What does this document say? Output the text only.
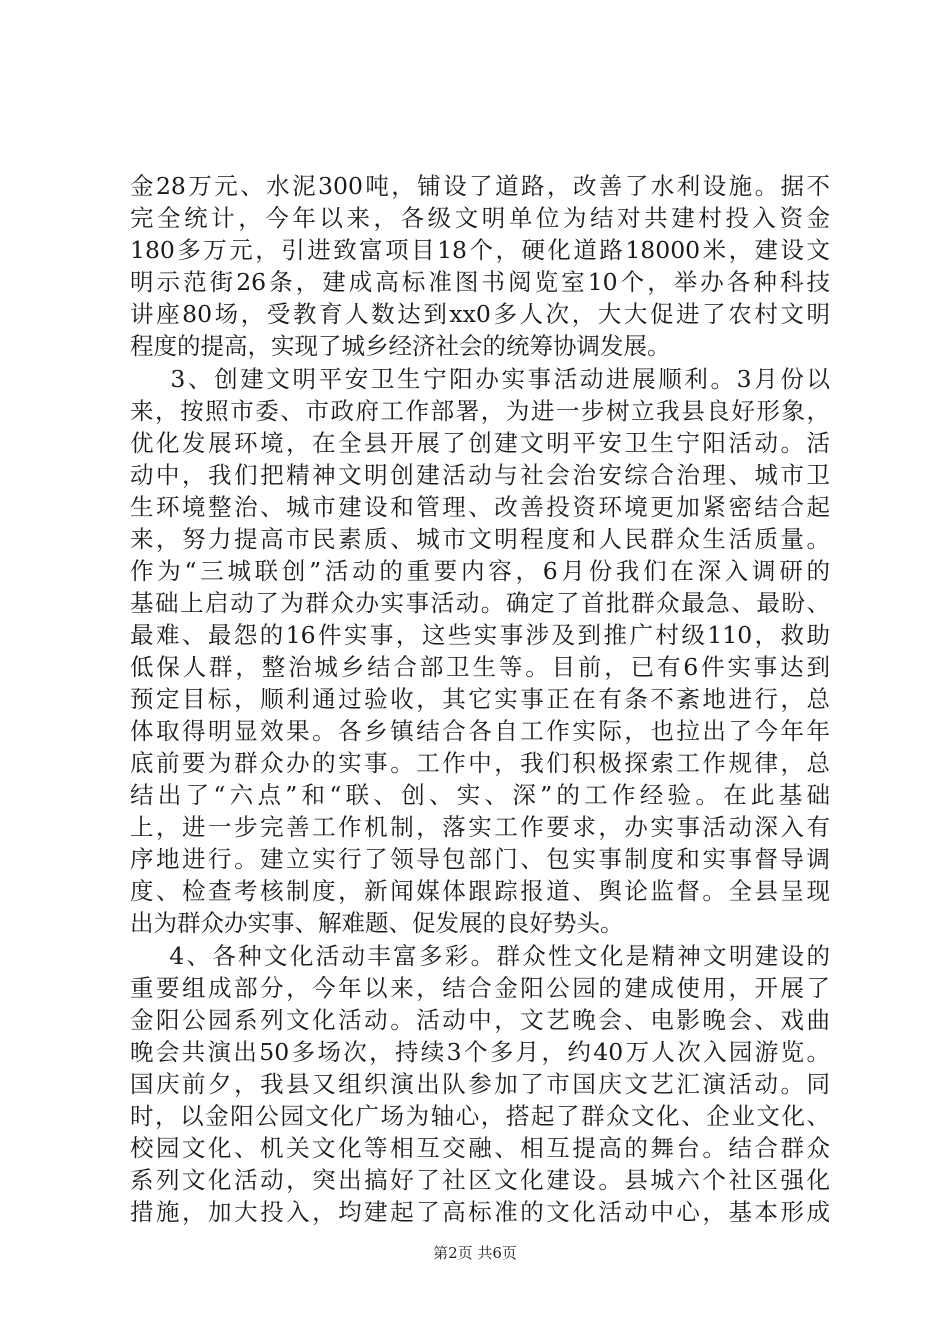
金28万元、水泥300吨，铺设了道路，改善了水利设施。据不
完全统计，今年以来，各级文明单位为结对共建村投入资金
180多万元，引进致富项目18个，硬化道路18000米，建设文
明示范街26条，建成高标准图书阅览室10个，举办各种科技
讲座80场，受教育人数达到xx0多人次，大大促进了农村文明
程度的提高，实现了城乡经济社会的统筹协调发展。
3、创建文明平安卫生宁阳办实事活动进展顺利。3月份以
来，按照市委、市政府工作部署，为进一步树立我县良好形象，
优化发展环境，在全县开展了创建文明平安卫生宁阳活动。活
动中，我们把精神文明创建活动与社会治安综合治理、城市卫
生环境整治、城市建设和管理、改善投资环境更加紧密结合起
来，努力提高市民素质、城市文明程度和人民群众生活质量。
作为“三城联创”活动的重要内容，6月份我们在深入调研的
基础上启动了为群众办实事活动。确定了首批群众最急、最盼、
最难、最怨的16件实事，这些实事涉及到推广村级110，救助
低保人群，整治城乡结合部卫生等。目前，已有6件实事达到
预定目标，顺利通过验收，其它实事正在有条不紊地进行，总
体取得明显效果。各乡镇结合各自工作实际，也拉出了今年年
底前要为群众办的实事。工作中，我们积极探索工作规律，总
结出了“六点”和“联、创、实、深”的工作经验。在此基础
上，进一步完善工作机制，落实工作要求，办实事活动深入有
序地进行。建立实行了领导包部门、包实事制度和实事督导调
度、检查考核制度，新闻媒体跟踪报道、舆论监督。全县呈现
出为群众办实事、解难题、促发展的良好势头。
4、各种文化活动丰富多彩。群众性文化是精神文明建设的
重要组成部分，今年以来，结合金阳公园的建成使用，开展了
金阳公园系列文化活动。活动中，文艺晚会、电影晚会、戏曲
晚会共演出50多场次，持续3个多月，约40万人次入园游览。
国庆前夕，我县又组织演出队参加了市国庆文艺汇演活动。同
时，以金阳公园文化广场为轴心，搭起了群众文化、企业文化、
校园文化、机关文化等相互交融、相互提高的舞台。结合群众
系列文化活动，突出搞好了社区文化建设。县城六个社区强化
措施，加大投入，均建起了高标准的文化活动中心，基本形成
第2页 共6页
